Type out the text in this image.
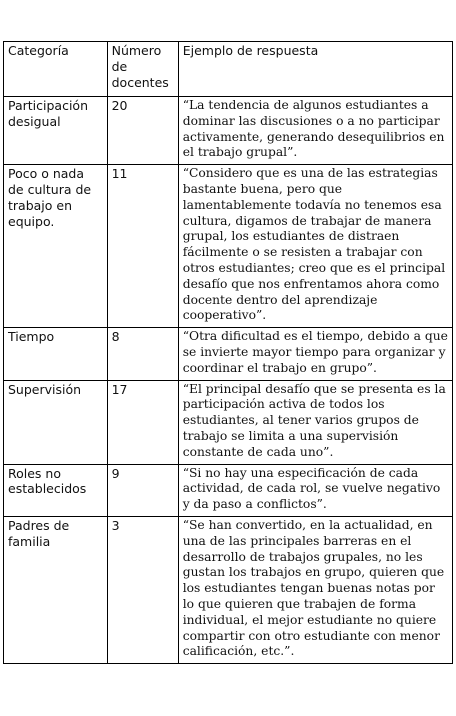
Categoría	Número de docentes	Ejemplo de respuesta
Participación desigual	20	“La tendencia de algunos estudiantes a dominar las discusiones o a no participar activamente, generando desequilibrios en el trabajo grupal”.
Poco o nada de cultura de trabajo en equipo.	11	“Considero que es una de las estrategias bastante buena, pero que lamentablemente todavía no tenemos esa cultura, digamos de trabajar de manera grupal, los estudiantes de distraen fácilmente o se resisten a trabajar con otros estudiantes; creo que es el principal desafío que nos enfrentamos ahora como docente dentro del aprendizaje cooperativo”.
Tiempo	8	“Otra dificultad es el tiempo, debido a que se invierte mayor tiempo para organizar y coordinar el trabajo en grupo”.
Supervisión	17	“El principal desafío que se presenta es la participación activa de todos los estudiantes, al tener varios grupos de trabajo se limita a una supervisión constante de cada uno”.
Roles no establecidos	9	“Si no hay una especificación de cada actividad, de cada rol, se vuelve negativo y da paso a conflictos”.
Padres de familia	3	“Se han convertido, en la actualidad, en una de las principales barreras en el desarrollo de trabajos grupales, no les gustan los trabajos en grupo, quieren que los estudiantes tengan buenas notas por lo que quieren que trabajen de forma individual, el mejor estudiante no quiere compartir con otro estudiante con menor calificación, etc.”.
